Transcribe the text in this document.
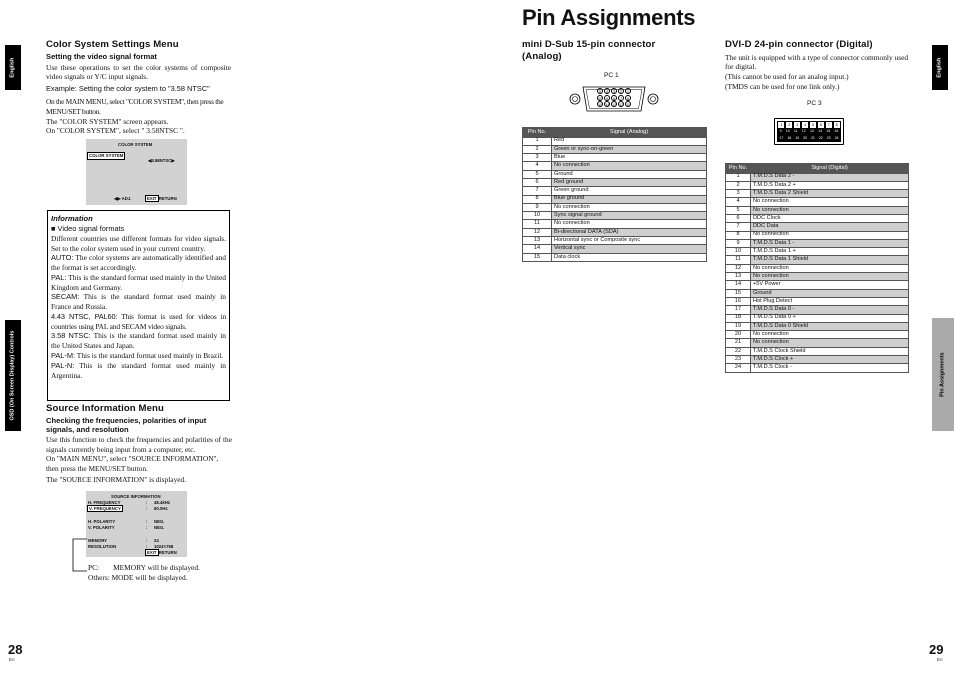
English
OSD (On Screen Display) Controls
English
Pin Assignments
Pin Assignments
Color System Settings Menu
Setting the video signal format
Use these operations to set the color systems of composite video signals or Y/C input signals.
Example: Setting the color system to "3.58 NTSC"
On the MAIN MENU, select "COLOR SYSTEM", then press the MENU/SET button.
The "COLOR SYSTEM" screen appears.
On "COLOR SYSTEM", select " 3.58NTSC ".
COLOR SYSTEM
COLOR SYSTEM
◀3.58NTSC▶
◀▶ ADJ.	EXIT RETURN
Information
■ Video signal formats
Different countries use different formats for video signals. Set to the color system used in your current country.
AUTO: The color systems are automatically identified and the format is set accordingly.
PAL: This is the standard format used mainly in the United Kingdom and Germany.
SECAM: This is the standard format used mainly in France and Russia.
4.43 NTSC, PAL60: This format is used for videos in countries using PAL and SECAM video signals.
3.58 NTSC: This is the standard format used mainly in the United States and Japan.
PAL-M: This is the standard format used mainly in Brazil.
PAL-N: This is the standard format used mainly in Argentina.
Source Information Menu
Checking the frequencies, polarities of input signals, and resolution
Use this function to check the frequencies and polarities of the signals currently being input from a computer, etc.
On "MAIN MENU", select "SOURCE INFORMATION", then press the MENU/SET button.
The "SOURCE INFORMATION" is displayed.
SOURCE INFORMATION
H. FREQUENCY	: 48.4kHz
V. FREQUENCY	: 60.0Hz
H. POLARITY	: NEG.
V. POLARITY	: NEG.
MEMORY	: 24
RESOLUTION	: 1024×768
EXIT RETURN
PC: MEMORY will be displayed.
Others: MODE will be displayed.
28
En
mini D-Sub 15-pin connector
(Analog)
PC 1
5	4	3	2	1
10 9	8	7	6
15 14 13 12 11
Pin No.	Signal (Analog)
1	Red
2	Green or sync-on-green
3	Blue
4	No connection
5	Ground
6	Red ground
7	Green ground
8	Blue ground
9	No connection
10	Sync signal ground
11	No connection
12	Bi-directional DATA (SDA)
13	Horizontal sync or Composite sync
14	Vertical sync
15	Data clock
DVI-D 24-pin connector (Digital)
The unit is equipped with a type of connector commonly used for digital.
(This cannot be used for an analog input.)
(TMDS can be used for one link only.)
PC 3
1	2	3	4	5	6	7	8
9 10 11 12 13 14 15 16
17 18 19 20 21 22 23 24
Pin No.	Signal (Digital)
1	T.M.D.S Data 2 -
2	T.M.D.S Data 2 +
3	T.M.D.S Data 2 Shield
4	No connection
5	No connection
6	DDC Clock
7	DDC Data
8	No connection
9	T.M.D.S Data 1 -
10	T.M.D.S Data 1 +
11	T.M.D.S Data 1 Shield
12	No connection
13	No connection
14	+5V Power
15	Ground
16	Hot Plug Detect
17	T.M.D.S Data 0 -
18	T.M.D.S Data 0 +
19	T.M.D.S Data 0 Shield
20	No connection
21	No connection
22	T.M.D.S Clock Shield
23	T.M.D.S Clock +
24	T.M.D.S Clock -
29
En
